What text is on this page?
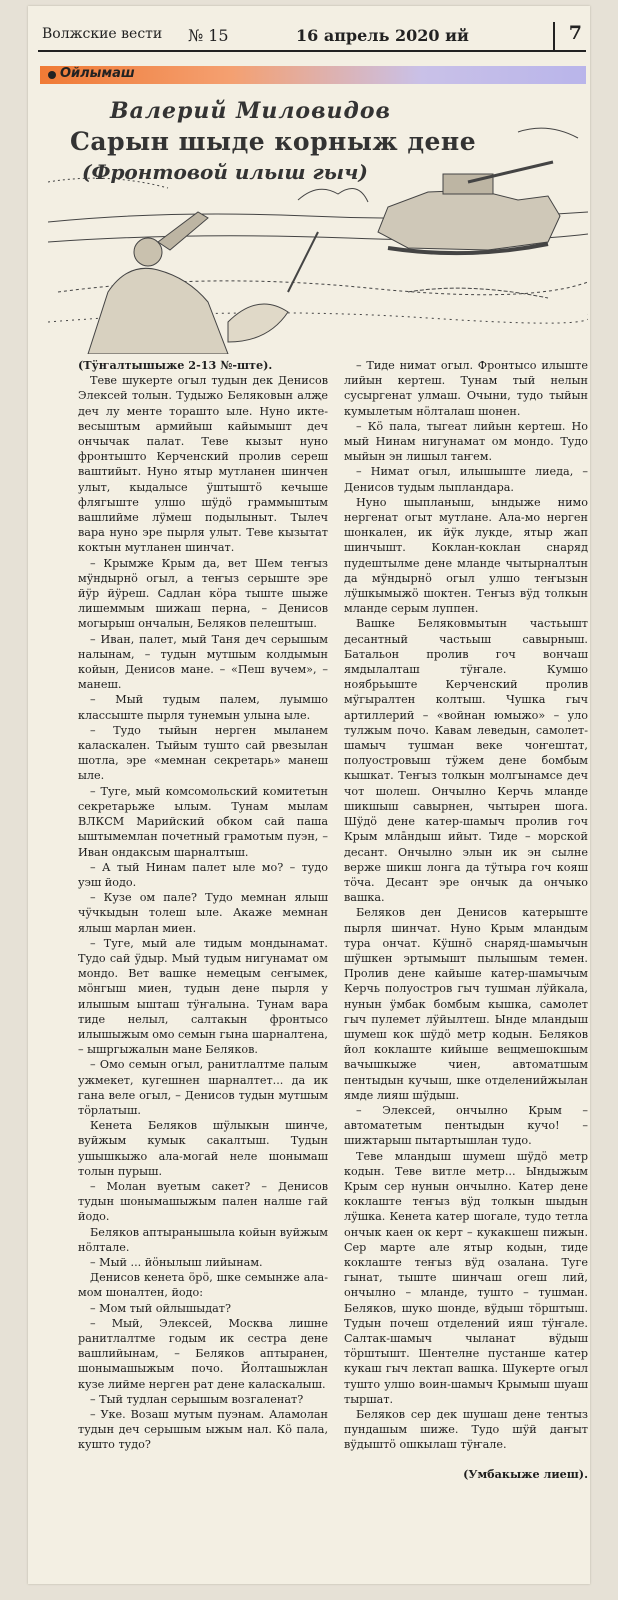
Волжские вести № 15	16 апрель 2020 ий	7
Ойлымаш
Валерий Миловидов
Сарын шыде корныж дене
(Фронтовой илыш гыч)

(Тӱҥалтышыже 2-13 №-ште).

Теве шукерте огыл тудын дек Денисов Элексей толын. Тудыжо Беляковын алҗе деч лу менте торашто ыле. Нуно икте-весыштым армийыш кайымышт деч ончычак палат. Теве кызыт нуно фронтышто Керченский пролив сереш ваштийыт. Нуно ятыр мутланен шинчен улыт, кыдалысе ӱштыштӧ кечыше флягыште улшо шӱдӧ граммыштым вашлийме лӱмеш подылыныт. Тылеч вара нуно эре пырля улыт. Теве кызытат коктын мутланен шинчат.

– Крымже Крым да, вет Шем теҥыз мӱндырнӧ огыл, а теҥыз серыште эре йӱр йӱреш. Садлан кӧра тыште шыже лишеммым шижаш перна, – Денисов могырыш ончалын, Беляков пелештыш.

– Иван, палет, мый Таня деч серышым налынам, – тудын мутшым колдымын койын, Денисов мане. – «Пеш вучем», – манеш.

– Мый тудым палем, луымшо классыште пырля тунемын улына ыле.

– Тудо тыйын нерген мыланем каласкален. Тыйым тушто сай рвезылан шотла, эре «мемнан секретарь» манеш ыле.

– Туге, мый комсомольский комитетын секретарьже ылым. Тунам мылам ВЛКСМ Марийский обком сай паша ыштымемлан почетный грамотым пуэн, – Иван ондаксым шарналтыш.

– А тый Нинам палет ыле мо? – тудо уэш йодо.

– Кузе ом пале? Тудо мемнан ялыш чӱчкыдын толеш ыле. Акаже мемнан ялыш марлан миен.

– Туге, мый але тидым мондынамат. Тудо сай ӱдыр. Мый тудым нигунамат ом мондо. Вет вашке немецым сеҥымек, мӧнгыш миен, тудын дене пырля у илышым ышташ тӱҥалына. Тунам вара тиде нелыл, салтакын фронтысо илышыжым омо семын гына шарналтена, – ышргыжалын мане Беляков.

– Омо семын огыл, ранитлалтме палым ужмекет, кугешнен шарналтет... да ик гана веле огыл, – Денисов тудын мутшым тӧрлатыш.

Кенета Беляков шӱлыкын шинче, вуйжым кумык сакалтыш. Тудын ушышкыжо ала-могай неле шонымаш толын пурыш.

– Молан вуетым сакет? – Денисов тудын шонымашыжым пален налше гай йодо.

Беляков аптыранышыла койын вуйжым нӧлтале.

– Мый ... йӧнылыш лийынам.

Денисов кенета ӧрӧ, шке семынже ала-мом шоналтен, йодо:

– Мом тый ойлышыдат?

– Мый, Элексей, Москва лишне ранитлалтме годым ик сестра дене вашлийынам, – Беляков аптыранен, шонымашыжым почо. Йолташыжлан кузе лийме нерген рат дене каласкалыш.

– Тый тудлан серышым возгаленат?

– Уке. Возаш мутым пуэнам. Аламолан тудын деч серышым ыжым нал. Кӧ пала, кушто тудо?

– Тиде нимат огыл. Фронтысо илыште лийын кертеш. Тунам тый нелын сусыргенат улмаш. Очыни, тудо тыйын кумылетым нӧлталаш шонен.

– Кӧ пала, тыгеат лийын кертеш. Но мый Нинам нигунамат ом мондо. Тудо мыйын эн лишыл таҥем.

– Нимат огыл, илышыште лиеда, – Денисов тудым лыпландара.

Нуно шыпланыш, ындыже нимо нергенат огыт мутлане. Ала-мо нерген шонкален, ик йӱк лукде, ятыр жап шинчышт. Коклан-коклан снаряд пудештылме дене мланде чытырналтын да мӱндырнӧ огыл улшо теҥызын лӱшкымыжӧ шоктен. Теҥыз вӱд толкын мланде серым луппен.

Вашке Беляковмытын частьышт десантный частьыш савырныш. Батальон пролив гоч вончаш ямдылалташ тӱҥале. Кумшо ноябрьыште Керченский пролив мӱгыралтен колтыш. Чушка гыч артиллерий – «войнан юмыжо» – уло тулжым почо. Кавам леведын, самолет-шамыч тушман веке чоҥештат, полуостровыш тӱжем дене бомбым кышкат. Теҥыз толкын молгынамсе деч чот шолеш. Ончылно Керчь мланде шикшыш савырнен, чытырен шога. Шӱдӧ дене катер-шамыч пролив гоч Крым млāндыш ийыт. Тиде – морской десант. Ончылно элын ик эн сылне верже шикш лонга да тӱтыра гоч кояш тӧча. Десант эре ончык да ончыко вашка.

Беляков ден Денисов катерыште пырля шинчат. Нуно Крым мландым тура ончат. Кӱшнӧ снаряд-шамычын шӱшкен эртымышт пылышым темен. Пролив дене кайыше катер-шамычым Керчь полуостров гыч тушман лӱйкала, нунын ӱмбак бомбым кышка, самолет гыч пулемет лӱйылтеш. Ынде мландыш шумеш кок шӱдӧ метр кодын. Беляков йол коклаште кийыше вещмешокшым вачышкыже чиен, автоматшым пентыдын кучыш, шке отделенийжылан ямде лияш шӱдыш.

– Элексей, ончылно Крым – автоматетым пентыдын кучо! – шижтарыш пытартышлан тудо.

Теве мландыш шумеш шӱдӧ метр кодын. Теве витле метр... Ындыжым Крым сер нунын ончылно. Катер дене коклаште теҥыз вӱд толкын шыдын лӱшка. Кенета катер шогале, тудо тетла ончык каен ок керт – кукакшеш пижын. Сер марте але ятыр кодын, тиде коклаште теҥыз вӱд озалана. Туге гынат, тыште шинчаш огеш лий, ончылно – мланде, тушто – тушман. Беляков, шуко шонде, вӱдыш тӧрштыш. Тудын почеш отделений ияш тӱҥале. Салтак-шамыч чыланат вӱдыш тӧрштышт. Шентелне пустанше катер кукаш гыч лектап вашка. Шукерте огыл тушто улшо воин-шамыч Крымыш шуаш тыршат.

Беляков сер дек шушаш дене тентыз пундашым шиже. Тудо шӱй даҥыт вӱдыштӧ ошкылаш тӱҥале.

(Умбакыже лиеш).
